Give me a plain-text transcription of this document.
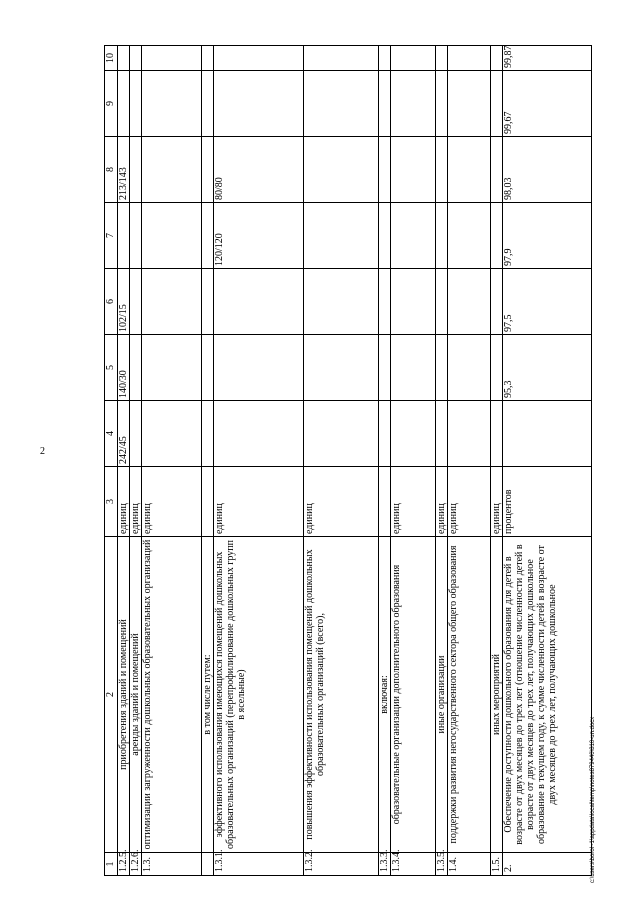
2
1	2	3	4	5	6	7	8	9	10
1.2.5.	приобретения зданий и помещений	единиц	242/45	140/30	102/15		213/143		
1.2.6.	аренды зданий и помещений	единиц							
1.3.	оптимизации загруженности дошкольных образовательных организаций	единиц							
	в том числе путем:								
1.3.1.	эффективного использования имеющихся помещений дошкольных образовательных организаций (перепрофилирование дошкольных групп в ясельные)	единиц				120/120	80/80		
1.3.2.	повышения эффективности использования помещений дошкольных образовательных организаций (всего),	единиц							
1.3.3.	включая:								
1.3.4.	образовательные организации дополнительного образования	единиц							
1.3.5.	иные организации	единиц							
1.4.	поддержки развития негосударственного сектора общего образования	единиц							
1.5.	иных мероприятий	единиц							
2.	Обеспечение доступности дошкольного образования для детей в возрасте от двух месяцев до трех лет (отношение численности детей в возрасте от двух месяцев до трех лет, получающих дошкольное образование в текущем году, к сумме численности детей в возрасте от двух месяцев до трех лет, получающих дошкольное	процентов		95,3	97,5	97,9	98,03	99,67	99,87
c:\users\borol~1\appdata\local\temp\notes879440\810-un.docx
